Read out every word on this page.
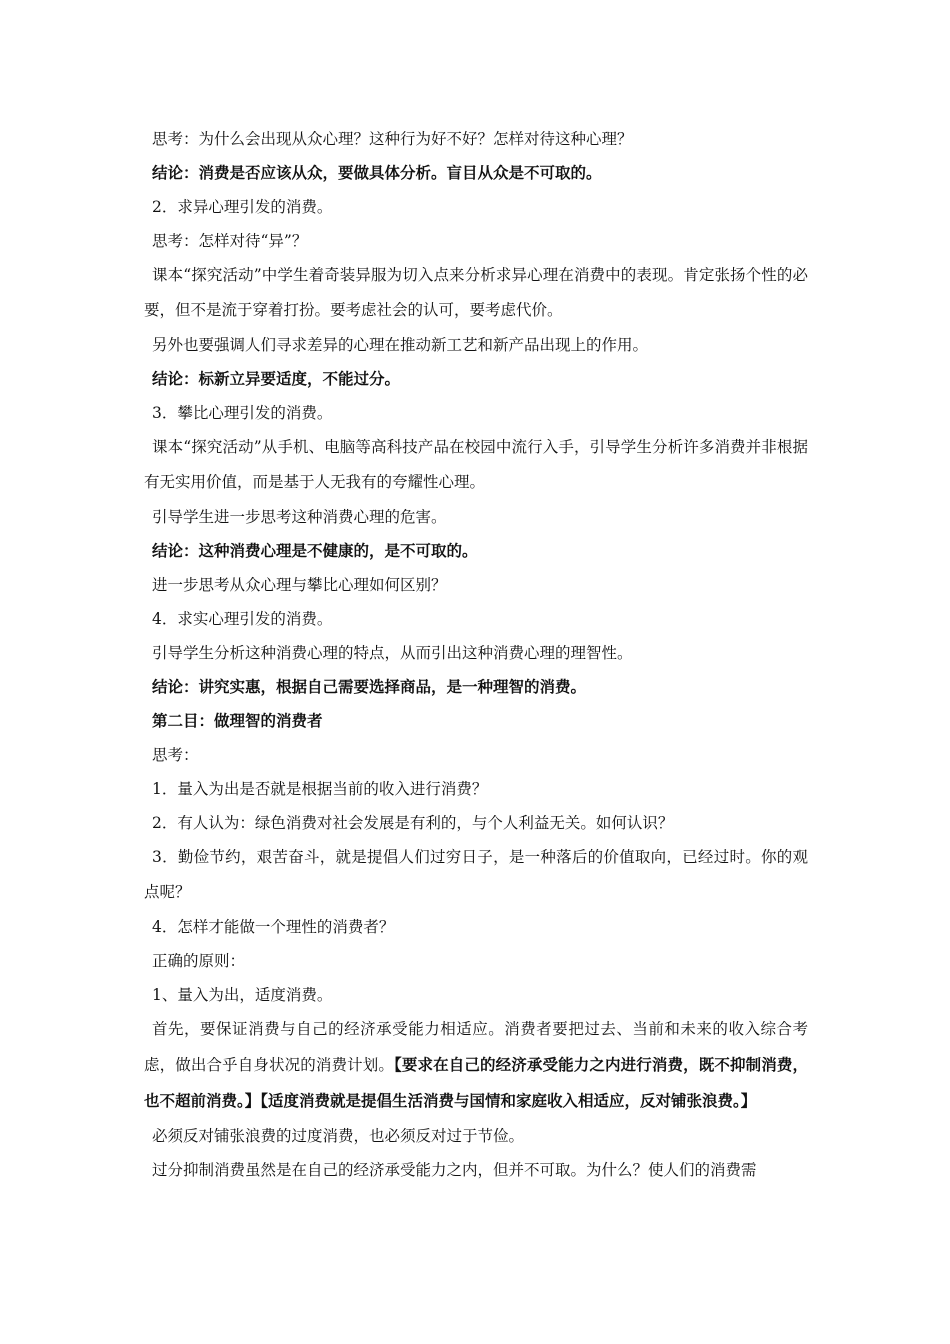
思考：为什么会出现从众心理？这种行为好不好？怎样对待这种心理？

结论：消费是否应该从众，要做具体分析。盲目从众是不可取的。

2．求异心理引发的消费。

思考：怎样对待“异”？

课本“探究活动”中学生着奇装异服为切入点来分析求异心理在消费中的表现。肯定张扬个性的必要，但不是流于穿着打扮。要考虑社会的认可，要考虑代价。

另外也要强调人们寻求差异的心理在推动新工艺和新产品出现上的作用。

结论：标新立异要适度，不能过分。

3．攀比心理引发的消费。

课本“探究活动”从手机、电脑等高科技产品在校园中流行入手，引导学生分析许多消费并非根据有无实用价值，而是基于人无我有的夸耀性心理。

引导学生进一步思考这种消费心理的危害。

结论：这种消费心理是不健康的，是不可取的。

进一步思考从众心理与攀比心理如何区别？

4．求实心理引发的消费。

引导学生分析这种消费心理的特点，从而引出这种消费心理的理智性。

结论：讲究实惠，根据自己需要选择商品，是一种理智的消费。

第二目：做理智的消费者

思考：

1．量入为出是否就是根据当前的收入进行消费？

2．有人认为：绿色消费对社会发展是有利的，与个人利益无关。如何认识？

3．勤俭节约，艰苦奋斗，就是提倡人们过穷日子，是一种落后的价值取向，已经过时。你的观点呢？

4．怎样才能做一个理性的消费者？

正确的原则：

1、量入为出，适度消费。

首先，要保证消费与自己的经济承受能力相适应。消费者要把过去、当前和未来的收入综合考虑，做出合乎自身状况的消费计划。【要求在自己的经济承受能力之内进行消费，既不抑制消费，也不超前消费。】【适度消费就是提倡生活消费与国情和家庭收入相适应，反对铺张浪费。】

必须反对铺张浪费的过度消费，也必须反对过于节俭。

过分抑制消费虽然是在自己的经济承受能力之内，但并不可取。为什么？使人们的消费需
